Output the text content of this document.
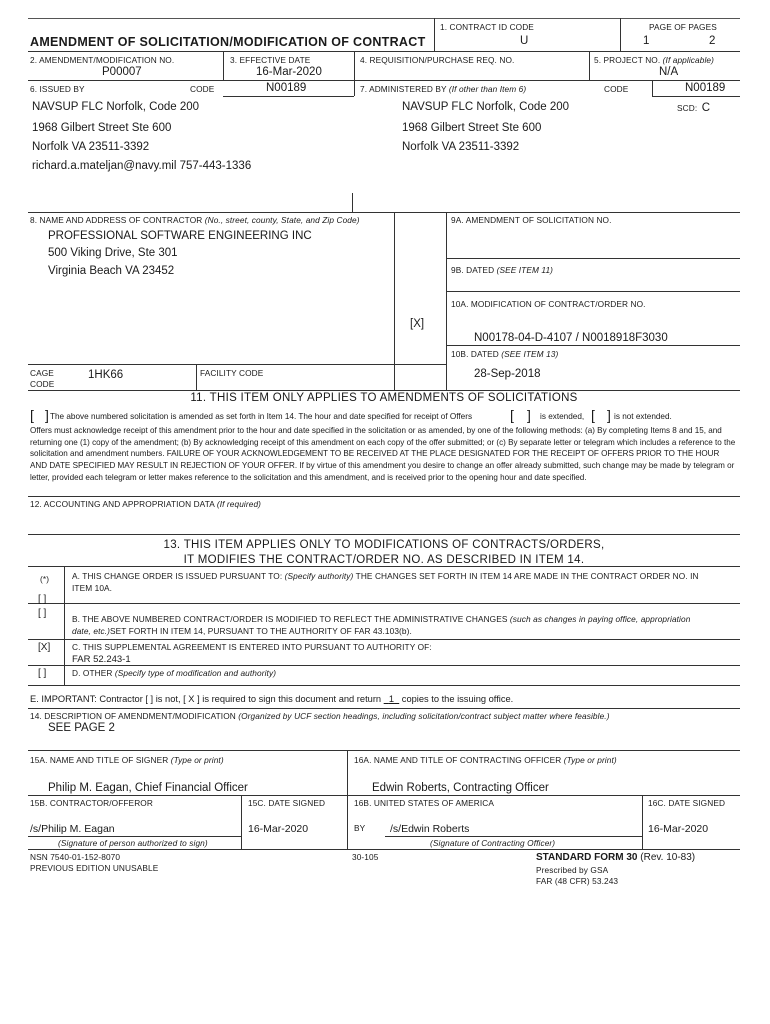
AMENDMENT OF SOLICITATION/MODIFICATION OF CONTRACT
1. CONTRACT ID CODE
U
PAGE OF PAGES
1	2
2. AMENDMENT/MODIFICATION NO.
P00007
3. EFFECTIVE DATE
16-Mar-2020
4. REQUISITION/PURCHASE REQ. NO.	5. PROJECT NO. (If applicable)
N/A
6. ISSUED BY	CODE	N00189	7. ADMINISTERED BY (If other than Item 6)	CODE	N00189
NAVSUP FLC Norfolk, Code 200
1968 Gilbert Street Ste 600
Norfolk VA 23511-3392
richard.a.mateljan@navy.mil 757-443-1336
NAVSUP FLC Norfolk, Code 200
1968 Gilbert Street Ste 600
Norfolk VA 23511-3392
SCD: C
8. NAME AND ADDRESS OF CONTRACTOR (No., street, county, State, and Zip Code)
PROFESSIONAL SOFTWARE ENGINEERING INC
500 Viking Drive, Ste 301
Virginia Beach VA 23452
[X]
9A. AMENDMENT OF SOLICITATION NO.
9B. DATED (SEE ITEM 11)
10A. MODIFICATION OF CONTRACT/ORDER NO.
N00178-04-D-4107 / N0018918F3030
10B. DATED (SEE ITEM 13)
28-Sep-2018
CAGE
CODE
1HK66	FACILITY CODE
11. THIS ITEM ONLY APPLIES TO AMENDMENTS OF SOLICITATIONS
[ ] The above numbered solicitation is amended as set forth in Item 14. The hour and date specified for receipt of Offers	[ ] is extended, [ ] is not extended.
Offers must acknowledge receipt of this amendment prior to the hour and date specified in the solicitation or as amended, by one of the following methods: (a) By completing Items 8 and 15, and returning one (1) copy of the amendment; (b) By acknowledging receipt of this amendment on each copy of the offer submitted; or (c) By separate letter or telegram which includes a reference to the solicitation and amendment numbers. FAILURE OF YOUR ACKNOWLEDGEMENT TO BE RECEIVED AT THE PLACE DESIGNATED FOR THE RECEIPT OF OFFERS PRIOR TO THE HOUR AND DATE SPECIFIED MAY RESULT IN REJECTION OF YOUR OFFER. If by virtue of this amendment you desire to change an offer already submitted, such change may be made by telegram or letter, provided each telegram or letter makes reference to the solicitation and this amendment, and is received prior to the opening hour and date specified.
12. ACCOUNTING AND APPROPRIATION DATA (If required)
13. THIS ITEM APPLIES ONLY TO MODIFICATIONS OF CONTRACTS/ORDERS,
IT MODIFIES THE CONTRACT/ORDER NO. AS DESCRIBED IN ITEM 14.
(*)	A. THIS CHANGE ORDER IS ISSUED PURSUANT TO: (Specify authority) THE CHANGES SET FORTH IN ITEM 14 ARE MADE IN THE CONTRACT ORDER NO. IN
ITEM 10A.
[ ]
[ ]	B. THE ABOVE NUMBERED CONTRACT/ORDER IS MODIFIED TO REFLECT THE ADMINISTRATIVE CHANGES (such as changes in paying office, appropriation
date, etc.)SET FORTH IN ITEM 14, PURSUANT TO THE AUTHORITY OF FAR 43.103(b).
[X]	C. THIS SUPPLEMENTAL AGREEMENT IS ENTERED INTO PURSUANT TO AUTHORITY OF:
FAR 52.243-1
[ ]	D. OTHER (Specify type of modification and authority)
E. IMPORTANT: Contractor [ ] is not, [ X ] is required to sign this document and return 1 copies to the issuing office.
14. DESCRIPTION OF AMENDMENT/MODIFICATION (Organized by UCF section headings, including solicitation/contract subject matter where feasible.)
SEE PAGE 2
15A. NAME AND TITLE OF SIGNER (Type or print)
Philip M. Eagan, Chief Financial Officer
16A. NAME AND TITLE OF CONTRACTING OFFICER (Type or print)
Edwin Roberts, Contracting Officer
15B. CONTRACTOR/OFFEROR	15C. DATE SIGNED	16B. UNITED STATES OF AMERICA	16C. DATE SIGNED
/s/Philip M. Eagan
(Signature of person authorized to sign)
16-Mar-2020	BY /s/Edwin Roberts
(Signature of Contracting Officer)
16-Mar-2020
NSN 7540-01-152-8070
PREVIOUS EDITION UNUSABLE
30-105	STANDARD FORM 30 (Rev. 10-83)
Prescribed by GSA
FAR (48 CFR) 53.243
